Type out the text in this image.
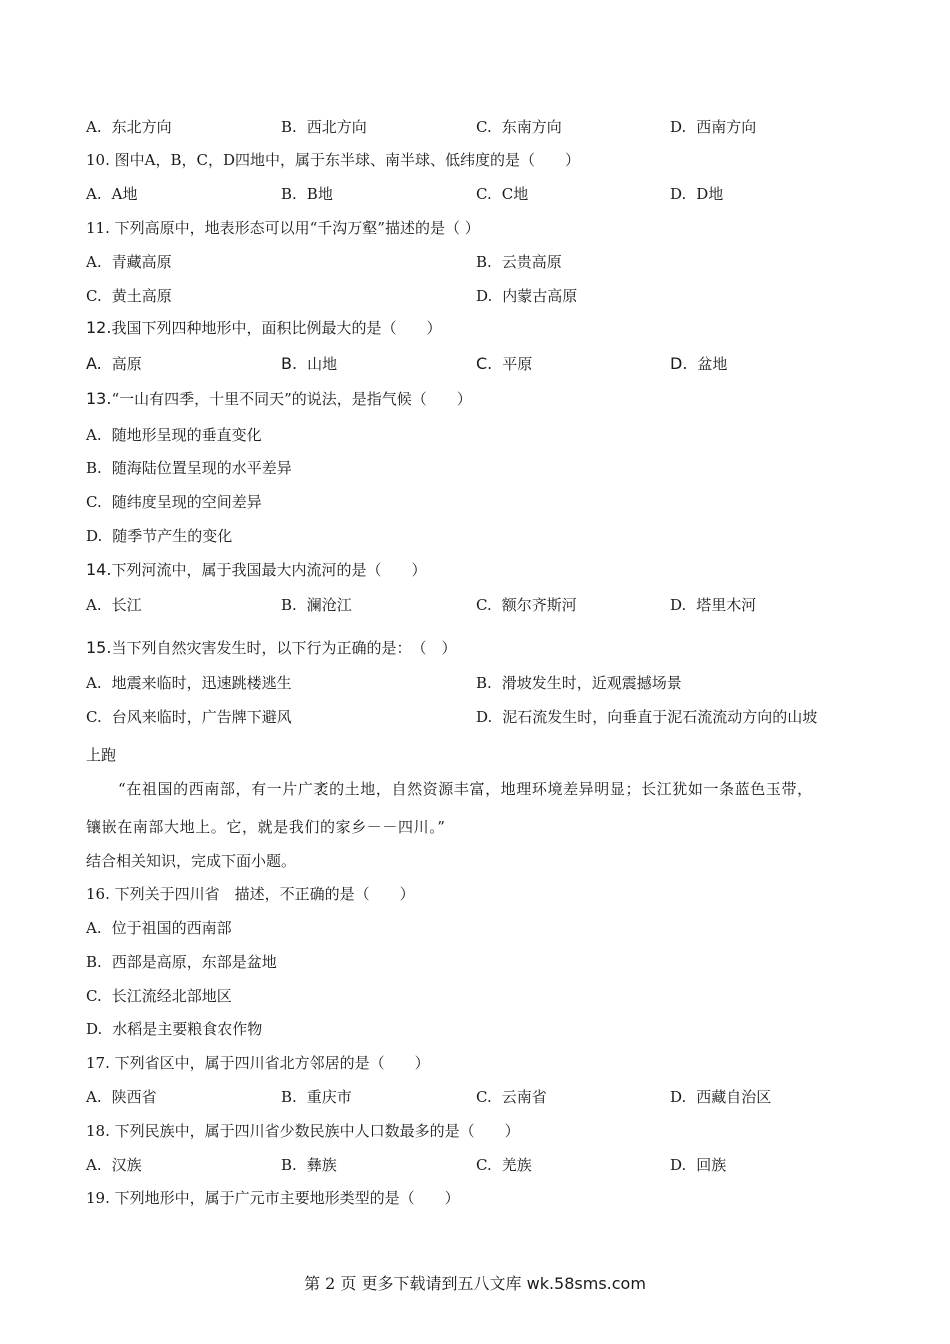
A. 东北方向	B. 西北方向	C. 东南方向	D. 西南方向
10. 图中A，B，C，D四地中，属于东半球、南半球、低纬度的是（　　）
A. A地	B. B地	C. C地	D. D地
11. 下列高原中，地表形态可以用“千沟万壑”描述的是（ ）
A. 青藏高原	B. 云贵高原
C. 黄土高原	D. 内蒙古高原
12.我国下列四种地形中，面积比例最大的是（　　）
A. 高原	B. 山地	C. 平原	D. 盆地
13.“一山有四季，十里不同天”的说法，是指气候（　　）
A. 随地形呈现的垂直变化
B. 随海陆位置呈现的水平差异
C. 随纬度呈现的空间差异
D. 随季节产生的变化
14.下列河流中，属于我国最大内流河的是（　　）
A. 长江	B. 澜沧江	C. 额尔齐斯河	D. 塔里木河
15.当下列自然灾害发生时，以下行为正确的是：　（　）
A. 地震来临时，迅速跳楼逃生	B. 滑坡发生时，近观震撼场景
C. 台风来临时，广告牌下避风	D. 泥石流发生时，向垂直于泥石流流动方向的山坡
上跑
“在祖国的西南部，有一片广袤的土地，自然资源丰富，地理环境差异明显；长江犹如一条蓝色玉带，
镶嵌在南部大地上。它，就是我们的家乡－－四川。”
结合相关知识，完成下面小题。
16. 下列关于四川省　描述，不正确的是（　　）
A. 位于祖国的西南部
B. 西部是高原，东部是盆地
C. 长江流经北部地区
D. 水稻是主要粮食农作物
17. 下列省区中，属于四川省北方邻居的是（　　）
A. 陕西省	B. 重庆市	C. 云南省	D. 西藏自治区
18. 下列民族中，属于四川省少数民族中人口数最多的是（　　）
A. 汉族	B. 彝族	C. 羌族	D. 回族
19. 下列地形中，属于广元市主要地形类型的是（　　）
第 2 页 更多下载请到五八文库 wk.58sms.com
